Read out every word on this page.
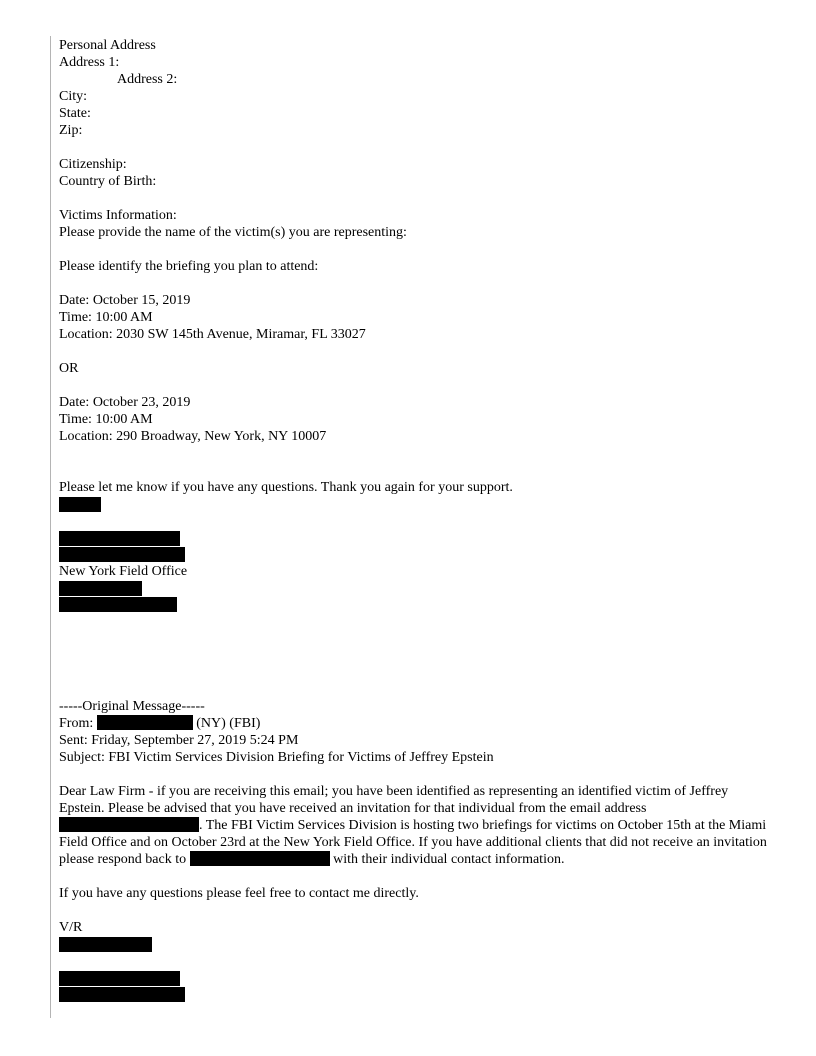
Personal Address
Address 1:
Address 2:
City:
State:
Zip:
Citizenship:
Country of Birth:
Victims Information:
Please provide the name of the victim(s) you are representing:
Please identify the briefing you plan to attend:
Date: October 15, 2019
Time: 10:00 AM
Location: 2030 SW 145th Avenue, Miramar, FL 33027
OR
Date: October 23, 2019
Time: 10:00 AM
Location: 290 Broadway, New York, NY 10007
Please let me know if you have any questions. Thank you again for your support.
New York Field Office
-----Original Message-----
From:	(NY) (FBI)
Sent: Friday, September 27, 2019 5:24 PM
Subject: FBI Victim Services Division Briefing for Victims of Jeffrey Epstein
Dear Law Firm - if you are receiving this email; you have been identified as representing an identified victim of Jeffrey Epstein. Please be advised that you have received an invitation for that individual from the email address . The FBI Victim Services Division is hosting two briefings for victims on October 15th at the Miami Field Office and on October 23rd at the New York Field Office. If you have additional clients that did not receive an invitation please respond back to	with their individual contact information.
If you have any questions please feel free to contact me directly.
V/R
